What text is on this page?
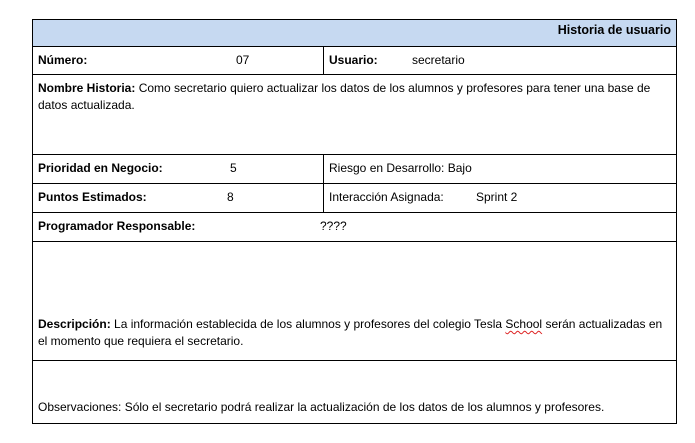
Historia de usuario
Número:	07	Usuario:	secretario
Nombre Historia: Como secretario quiero actualizar los datos de los alumnos y profesores para tener una base de datos actualizada.
Prioridad en Negocio:	5	Riesgo en Desarrollo: Bajo
Puntos Estimados:	8	Interacción Asignada:	Sprint 2
Programador Responsable:	????
Descripción: La información establecida de los alumnos y profesores del colegio Tesla School serán actualizadas en el momento que requiera el secretario.
Observaciones: Sólo el secretario podrá realizar la actualización de los datos de los alumnos y profesores.
